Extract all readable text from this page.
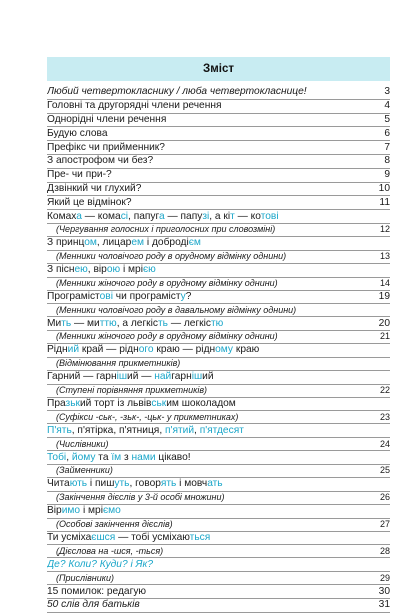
Зміст
Любий четвертокласнику / люба четвертокласнице!	3
Головні та другорядні члени речення	4
Однорідні члени речення	5
Будую слова	6
Префікс чи прийменник?	7
З апострофом чи без?	8
Пре- чи при-?	9
Дзвінкий чи глухий?	10
Який це відмінок?	11
Комаха — комасі, папуга — папузі, а кіт — котові
(Чергування голосних і приголосних при словозміні)	12
З принцом, лицарем і добродієм
(Менники чоловічого роду в орудному відмінку однини)	13
З піснею, вірою і мрією
(Менники жіночого роду в орудному відмінку однини)	14
Програмістові чи програмісту?	19
(Менники чоловічого роду в давальному відмінку однини)
Мить — миттю, а легкість — легкістю	20
(Менники жіночого роду в орудному відмінку однини)	21
Рідний край — рідного краю — рідному краю
(Відмінювання прикметників)
Гарний — гарніший — найгарніший
(Ступені порівняння прикметників)	22
Празький торт із львівським шоколадом
(Суфікси -ськ-, -зьк-, -цьк- у прикметниках)	23
П'ять, п'ятірка, п'ятниця, п'ятий, п'ятдесят
(Числівники)	24
Тобі, йому та їм з нами цікаво!
(Займенники)	25
Читають і пишуть, говорять і мовчать
(Закінчення дієслів у 3-й особі множини)	26
Віримо і мріємо
(Особові закінчення дієслів)	27
Ти усміхаєшся — тобі усміхаються
(Дієслова на -шся, -ться)	28
Де? Коли? Куди? і Як?
(Прислівники)	29
15 помилок: редагую	30
50 слів для батьків	31
